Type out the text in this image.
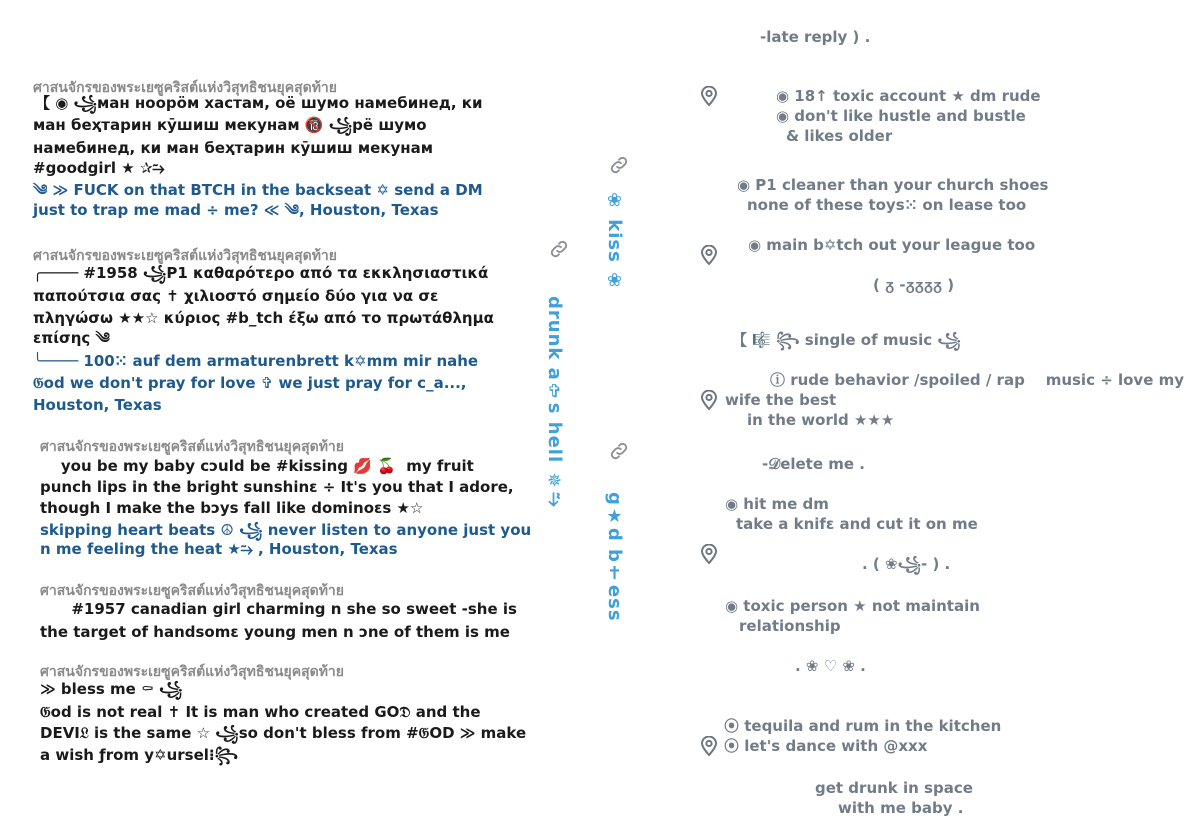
ศาสนจักรของพระเยซูคริสต์แห่งวิสุทธิชนยุคสุดท้าย
【 ◉ ꧁ман ноорӧм хастам, оё шумо намебинед, ки
ман беҳтарин кӯшиш мекунам 🔞 ꧁рё шумо
намебинед, ки ман беҳтарин кӯшиш мекунам
#goodgirl ★ ✰⥲
༄ ≫ FUCK on that BTCH in the backseat ✡ send a DM
just to trap me mad ÷ me? ≪ ༄, Houston, Texas
ศาสนจักรของพระเยซูคริสต์แห่งวิสุทธิชนยุคสุดท้าย
╭──── #1958 ꧁P1 καθαρότερο από τα εκκλησιαστικά
παπούτσια σας ✝ χιλιοστό σημείο δύο για να σε
πληγώσω ★★☆ κύριος #b_tch έξω από το πρωτάθλημα
επίσης ༄
╰──── 100⁙ auf dem armaturenbrett k✡mm mir nahe
𝔊od we don't pray for love ✞ we just pray for c_a...,
Houston, Texas
ศาสนจักรของพระเยซูคริสต์แห่งวิสุทธิชนยุคสุดท้าย
you be my baby cɔuld be #kissing 💋 🍒  my fruit
punch lips in the bright sunshinɛ ÷ It's you that I adore,
though I make the bɔys fall like dominoɛs ★☆
skipping heart beats ☮ ꧁ never listen to anyone just you
n me feeling the heat ★⥲ , Houston, Texas
ศาสนจักรของพระเยซูคริสต์แห่งวิสุทธิชนยุคสุดท้าย
#1957 canadian girl charming n she so sweet -she is
the target of handsomɛ young men n ɔne of them is me
ศาสนจักรของพระเยซูคริสต์แห่งวิสุทธิชนยุคสุดท้าย
≫ bless me ⚰ ꧁
𝔊od is not real ✝ It is man who created GO𝔇 and the
DEVI𝔏 is the same ☆ ꧁so don't bless from #𝔊OD ≫ make
a wish ƒrom y✡ursel⁝꧂
drunk a✞s hell ✵⥲
❀ kiss ❀
g★d b✝ess
-late reply ) .
◉ 18↑ toxic account ★ dm rude
◉ don't like hustle and bustle
& likes older
◉ P1 cleaner than your church shoes
none of these toys⁙ on lease too
◉ main b✡tch out your league too
( ᵹ -ᵹᵹᵹᵹ )
【 🎼 ꧂ single of music ꧁
ⓘ rude behavior /spoiled / rap    music ÷ love my
wife the best
in the world ★★★
-𝒟elete me .
◉ hit me dm
take a knifɛ and cut it on me
. ( ❀꧁- ) .
◉ toxic person ★ not maintain
relationship
. ❀ ♡ ❀ .
⦿ tequila and rum in the kitchen
⦿ let's dance with @xxx
get drunk in space
with me baby .
